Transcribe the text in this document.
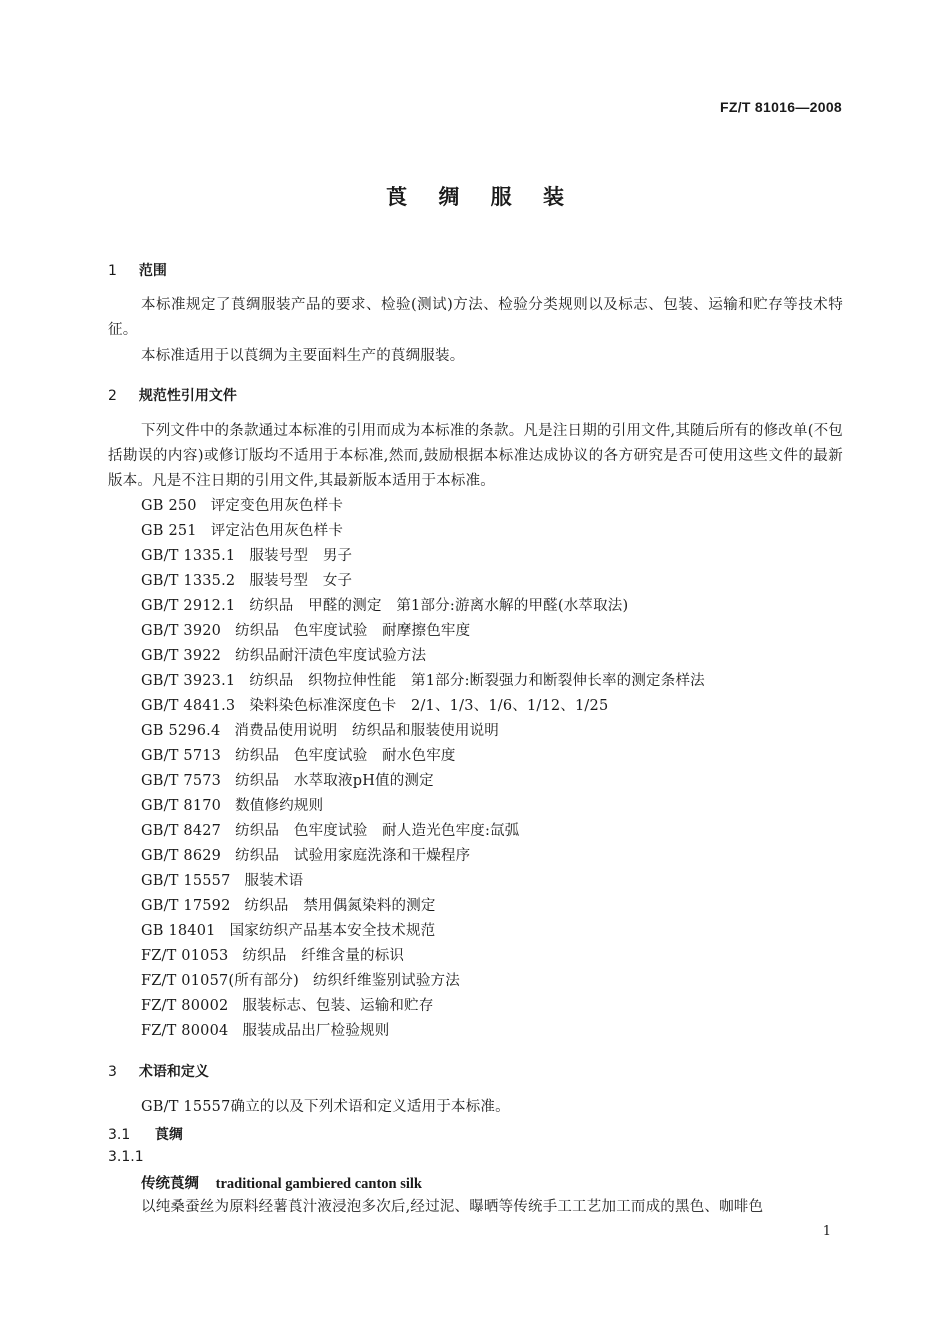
FZ/T 81016—2008
莨 绸 服 装
1 范围
本标准规定了莨绸服装产品的要求、检验(测试)方法、检验分类规则以及标志、包装、运输和贮存等技术特征。
本标准适用于以莨绸为主要面料生产的莨绸服装。
2 规范性引用文件
下列文件中的条款通过本标准的引用而成为本标准的条款。凡是注日期的引用文件,其随后所有的修改单(不包括勘误的内容)或修订版均不适用于本标准,然而,鼓励根据本标准达成协议的各方研究是否可使用这些文件的最新版本。凡是不注日期的引用文件,其最新版本适用于本标准。
GB 250 评定变色用灰色样卡
GB 251 评定沾色用灰色样卡
GB/T 1335.1 服装号型　男子
GB/T 1335.2 服装号型　女子
GB/T 2912.1 纺织品　甲醛的测定　第1部分:游离水解的甲醛(水萃取法)
GB/T 3920 纺织品　色牢度试验　耐摩擦色牢度
GB/T 3922 纺织品耐汗渍色牢度试验方法
GB/T 3923.1 纺织品　织物拉伸性能　第1部分:断裂强力和断裂伸长率的测定条样法
GB/T 4841.3 染料染色标准深度色卡　2/1、1/3、1/6、1/12、1/25
GB 5296.4 消费品使用说明　纺织品和服装使用说明
GB/T 5713 纺织品　色牢度试验　耐水色牢度
GB/T 7573 纺织品　水萃取液pH值的测定
GB/T 8170 数值修约规则
GB/T 8427 纺织品　色牢度试验　耐人造光色牢度:氙弧
GB/T 8629 纺织品　试验用家庭洗涤和干燥程序
GB/T 15557 服装术语
GB/T 17592 纺织品　禁用偶氮染料的测定
GB 18401 国家纺织产品基本安全技术规范
FZ/T 01053 纺织品　纤维含量的标识
FZ/T 01057(所有部分) 纺织纤维鉴别试验方法
FZ/T 80002 服装标志、包装、运输和贮存
FZ/T 80004 服装成品出厂检验规则
3 术语和定义
GB/T 15557确立的以及下列术语和定义适用于本标准。
3.1 莨绸
3.1.1
传统莨绸 traditional gambiered canton silk
以纯桑蚕丝为原料经薯莨汁液浸泡多次后,经过泥、曝晒等传统手工工艺加工而成的黑色、咖啡色
1
